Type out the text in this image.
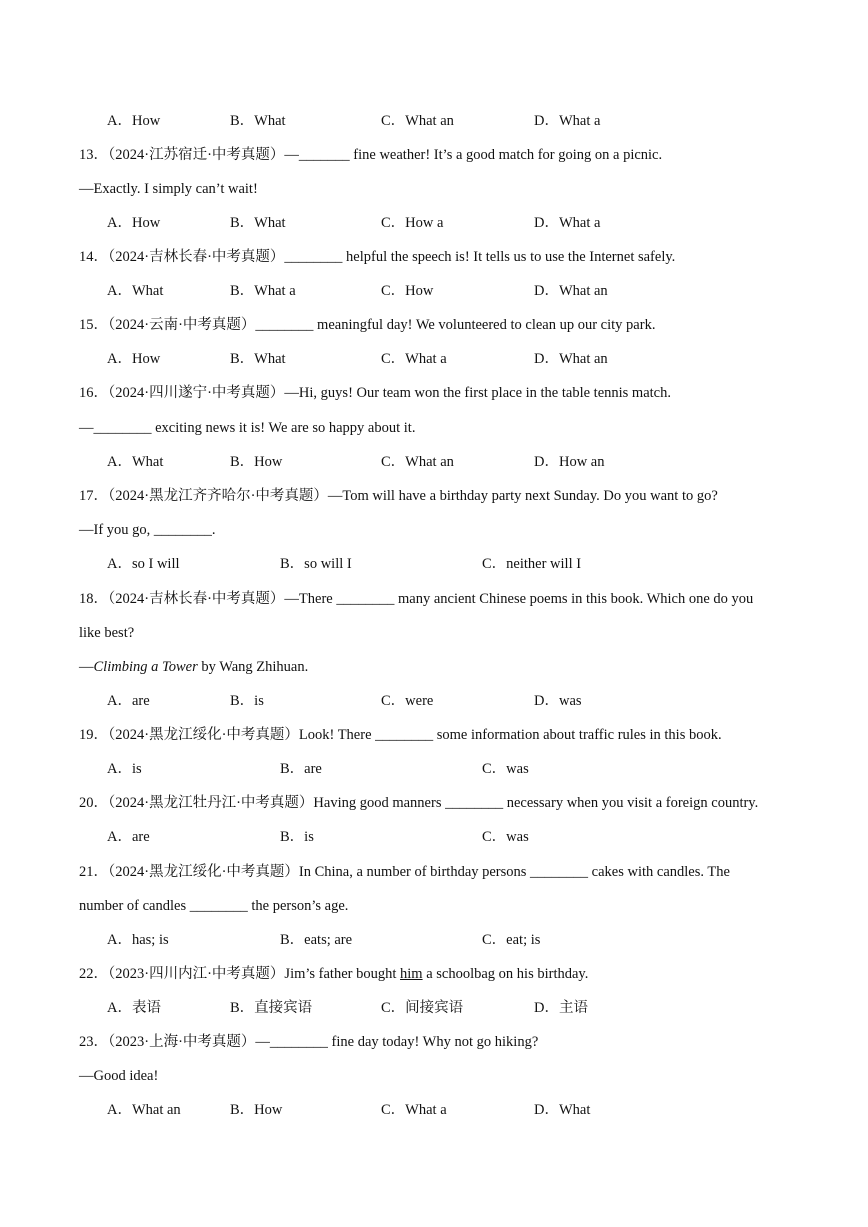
A．How	B．What	C．What an	D．What a
13．（2024·江苏宿迁·中考真题）—_______ fine weather! It’s a good match for going on a picnic.
—Exactly. I simply can’t wait!
A．How	B．What	C．How a	D．What a
14．（2024·吉林长春·中考真题）________ helpful the speech is! It tells us to use the Internet safely.
A．What	B．What a	C．How	D．What an
15．（2024·云南·中考真题）________ meaningful day! We volunteered to clean up our city park.
A．How	B．What	C．What a	D．What an
16．（2024·四川遂宁·中考真题）—Hi, guys! Our team won the first place in the table tennis match.
—________ exciting news it is! We are so happy about it.
A．What	B．How	C．What an	D．How an
17．（2024·黑龙江齐齐哈尔·中考真题）—Tom will have a birthday party next Sunday. Do you want to go?
—If you go, ________.
A．so I will	B．so will I	C．neither will I
18．（2024·吉林长春·中考真题）—There ________ many ancient Chinese poems in this book. Which one do you
like best?
—Climbing a Tower by Wang Zhihuan.
A．are	B．is	C．were	D．was
19．（2024·黑龙江绥化·中考真题）Look! There ________ some information about traffic rules in this book.
A．is	B．are	C．was
20．（2024·黑龙江牡丹江·中考真题）Having good manners ________ necessary when you visit a foreign country.
A．are	B．is	C．was
21．（2024·黑龙江绥化·中考真题）In China, a number of birthday persons ________ cakes with candles. The
number of candles ________ the person’s age.
A．has; is	B．eats; are	C．eat; is
22．（2023·四川内江·中考真题）Jim’s father bought him a schoolbag on his birthday.
A．表语	B．直接宾语	C．间接宾语	D．主语
23．（2023·上海·中考真题）—________ fine day today! Why not go hiking?
—Good idea!
A．What an	B．How	C．What a	D．What
